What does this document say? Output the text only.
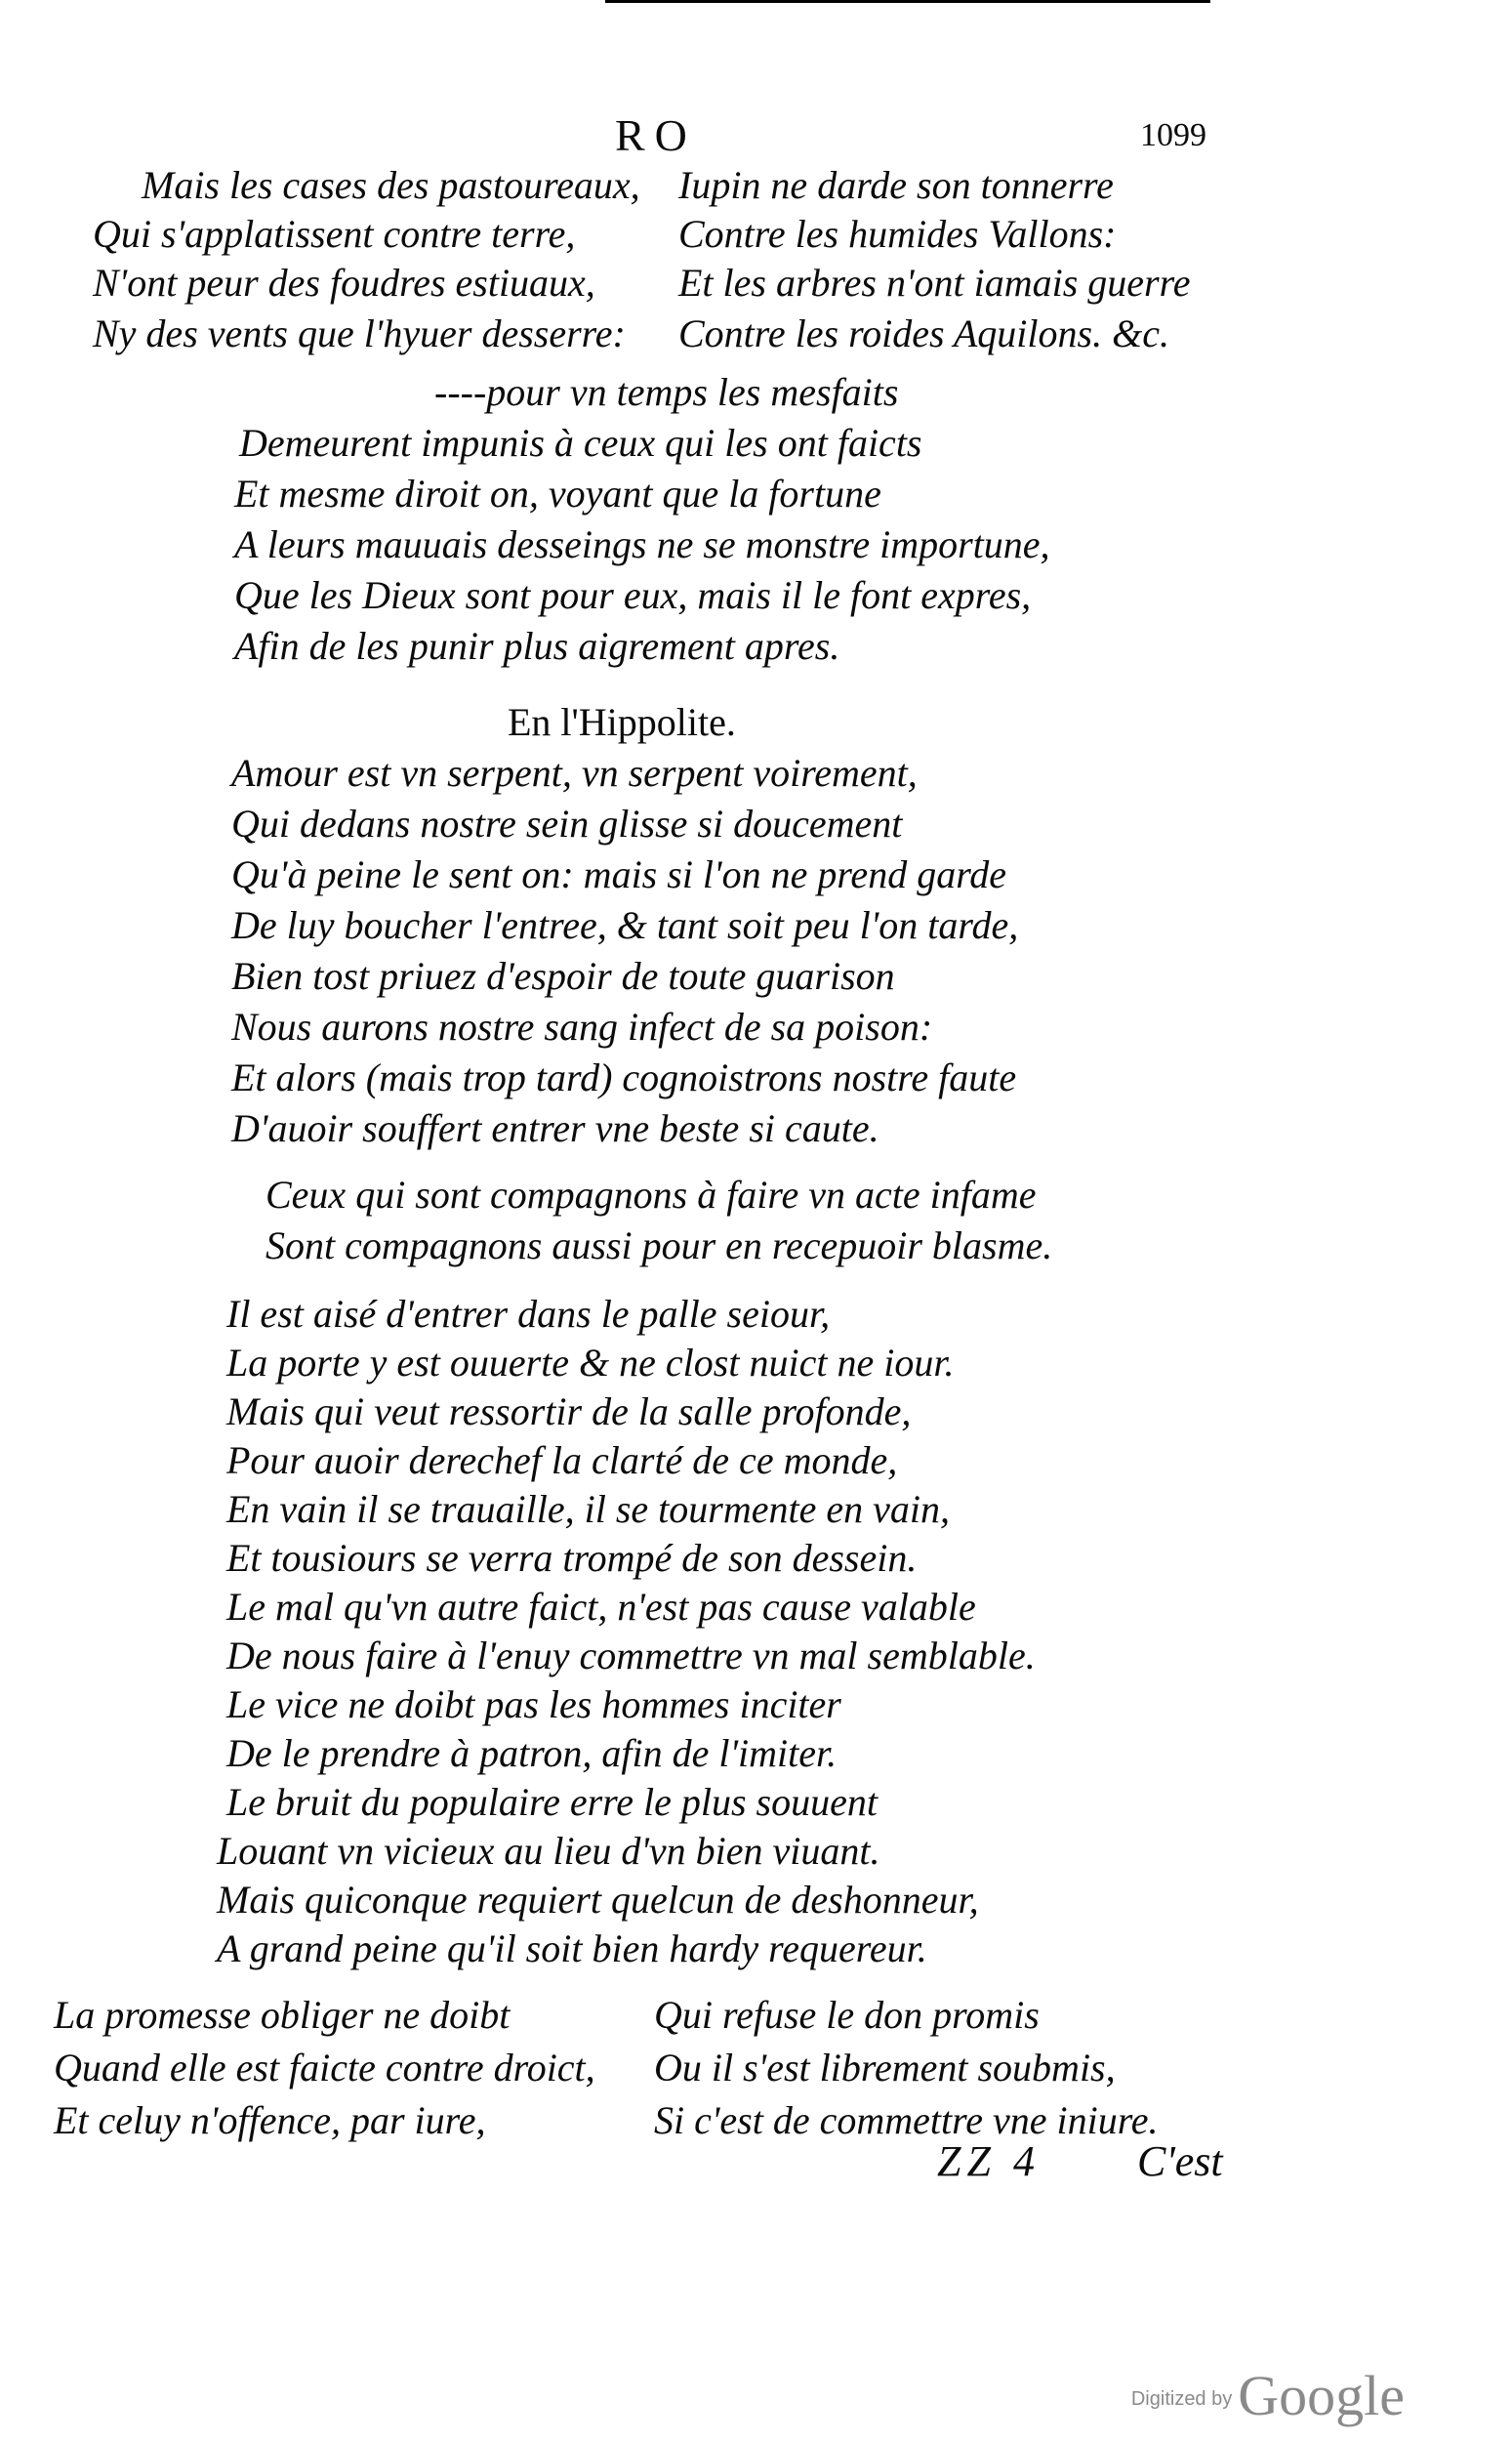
RO	1099
Mais les cases des pastoureaux,
Qui s'applatissent contre terre,
N'ont peur des foudres estiuaux,
Ny des vents que l'hyuer desserre:
Iupin ne darde son tonnerre
Contre les humides Vallons:
Et les arbres n'ont iamais guerre
Contre les roides Aquilons. &c.
----pour vn temps les mesfaits
Demeurent impunis à ceux qui les ont faicts
Et mesme diroit on, voyant que la fortune
A leurs mauuais desseings ne se monstre importune,
Que les Dieux sont pour eux, mais il le font expres,
Afin de les punir plus aigrement apres.
En l'Hippolite.
Amour est vn serpent, vn serpent voirement,
Qui dedans nostre sein glisse si doucement
Qu'à peine le sent on: mais si l'on ne prend garde
De luy boucher l'entree, & tant soit peu l'on tarde,
Bien tost priuez d'espoir de toute guarison
Nous aurons nostre sang infect de sa poison:
Et alors (mais trop tard) cognoistrons nostre faute
D'auoir souffert entrer vne beste si caute.
Ceux qui sont compagnons à faire vn acte infame
Sont compagnons aussi pour en recepuoir blasme.
Il est aisé d'entrer dans le palle seiour,
La porte y est ouuerte & ne clost nuict ne iour.
Mais qui veut ressortir de la salle profonde,
Pour auoir derechef la clarté de ce monde,
En vain il se trauaille, il se tourmente en vain,
Et tousiours se verra trompé de son dessein.
Le mal qu'vn autre faict, n'est pas cause valable
De nous faire à l'enuy commettre vn mal semblable.
Le vice ne doibt pas les hommes inciter
De le prendre à patron, afin de l'imiter.
Le bruit du populaire erre le plus souuent
Louant vn vicieux au lieu d'vn bien viuant.
Mais quiconque requiert quelcun de deshonneur,
A grand peine qu'il soit bien hardy requereur.
La promesse obliger ne doibt
Quand elle est faicte contre droict,
Et celuy n'offence, par iure,
Qui refuse le don promis
Ou il s'est librement soubmis,
Si c'est de commettre vne iniure.
ZZ 4 C'est
Digitized by Google
